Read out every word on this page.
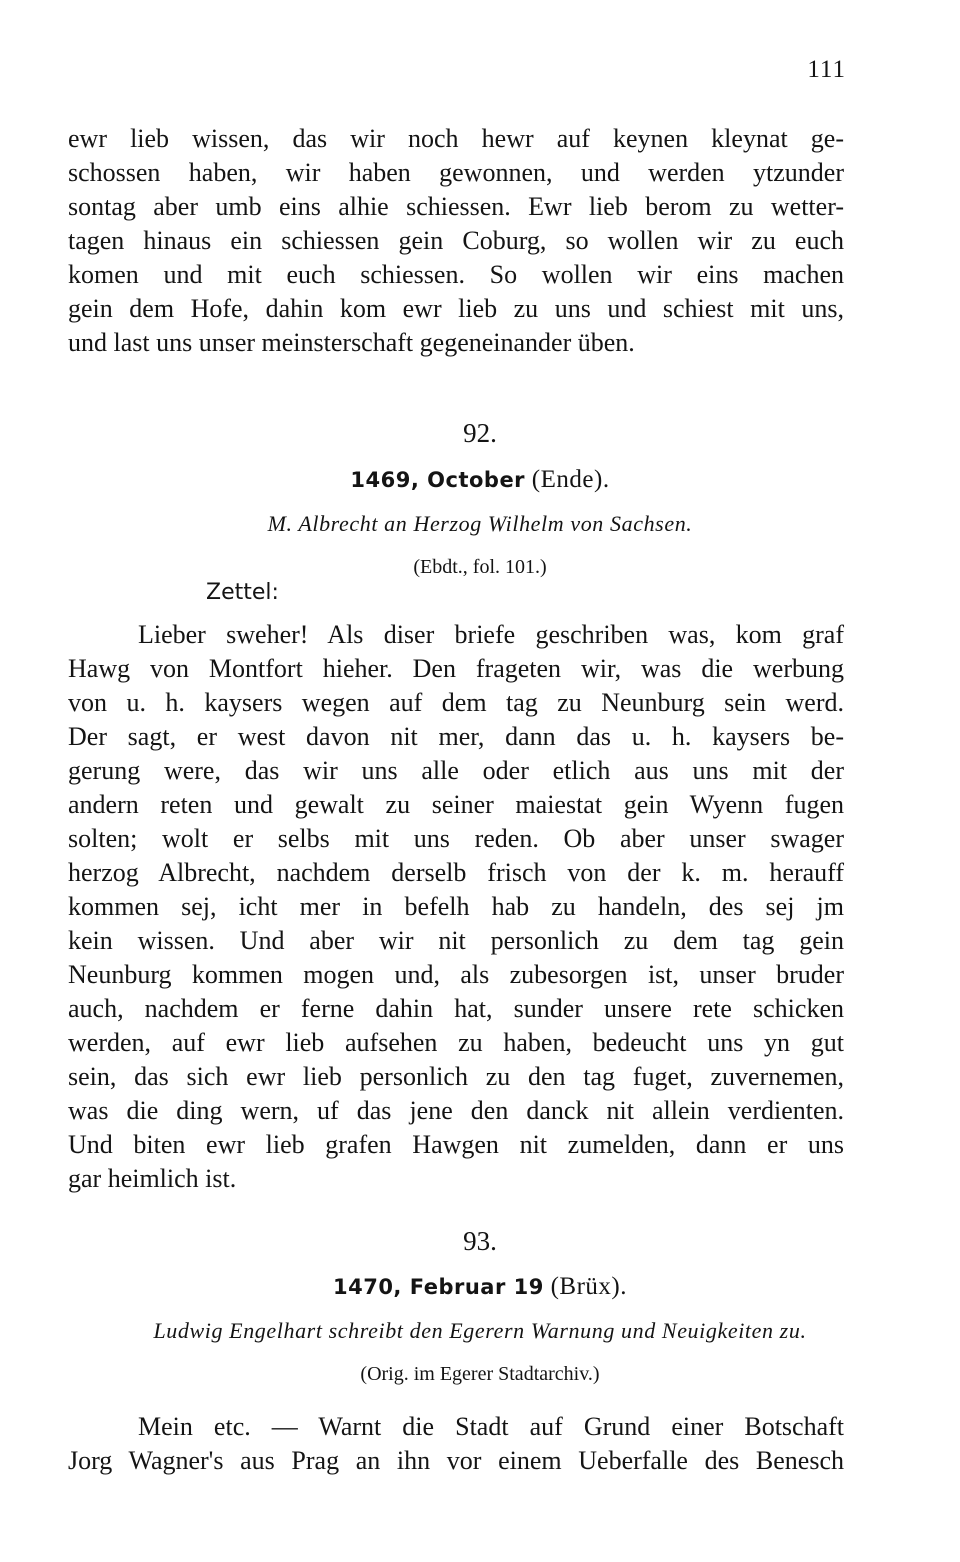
111
ewr lieb wissen, das wir noch hewr auf keynen kleynat ge-
schossen haben, wir haben gewonnen, und werden ytzunder
sontag aber umb eins alhie schiessen. Ewr lieb berom zu wetter-
tagen hinaus ein schiessen gein Coburg, so wollen wir zu euch
komen und mit euch schiessen. So wollen wir eins machen
gein dem Hofe, dahin kom ewr lieb zu uns und schiest mit uns,
und last uns unser meinsterschaft gegeneinander üben.
92.
1469, October (Ende).
M. Albrecht an Herzog Wilhelm von Sachsen.
(Ebdt., fol. 101.)
Zettel:
Lieber sweher! Als diser briefe geschriben was, kom graf
Hawg von Montfort hieher. Den frageten wir, was die werbung
von u. h. kaysers wegen auf dem tag zu Neunburg sein werd.
Der sagt, er west davon nit mer, dann das u. h. kaysers be-
gerung were, das wir uns alle oder etlich aus uns mit der
andern reten und gewalt zu seiner maiestat gein Wyenn fugen
solten; wolt er selbs mit uns reden. Ob aber unser swager
herzog Albrecht, nachdem derselb frisch von der k. m. herauff
kommen sej, icht mer in befelh hab zu handeln, des sej jm
kein wissen. Und aber wir nit personlich zu dem tag gein
Neunburg kommen mogen und, als zubesorgen ist, unser bruder
auch, nachdem er ferne dahin hat, sunder unsere rete schicken
werden, auf ewr lieb aufsehen zu haben, bedeucht uns yn gut
sein, das sich ewr lieb personlich zu den tag fuget, zuvernemen,
was die ding wern, uf das jene den danck nit allein verdienten.
Und biten ewr lieb grafen Hawgen nit zumelden, dann er uns
gar heimlich ist.
93.
1470, Februar 19 (Brüx).
Ludwig Engelhart schreibt den Egerern Warnung und Neuigkeiten zu.
(Orig. im Egerer Stadtarchiv.)
Mein etc. — Warnt die Stadt auf Grund einer Botschaft
Jorg Wagner's aus Prag an ihn vor einem Ueberfalle des Benesch
